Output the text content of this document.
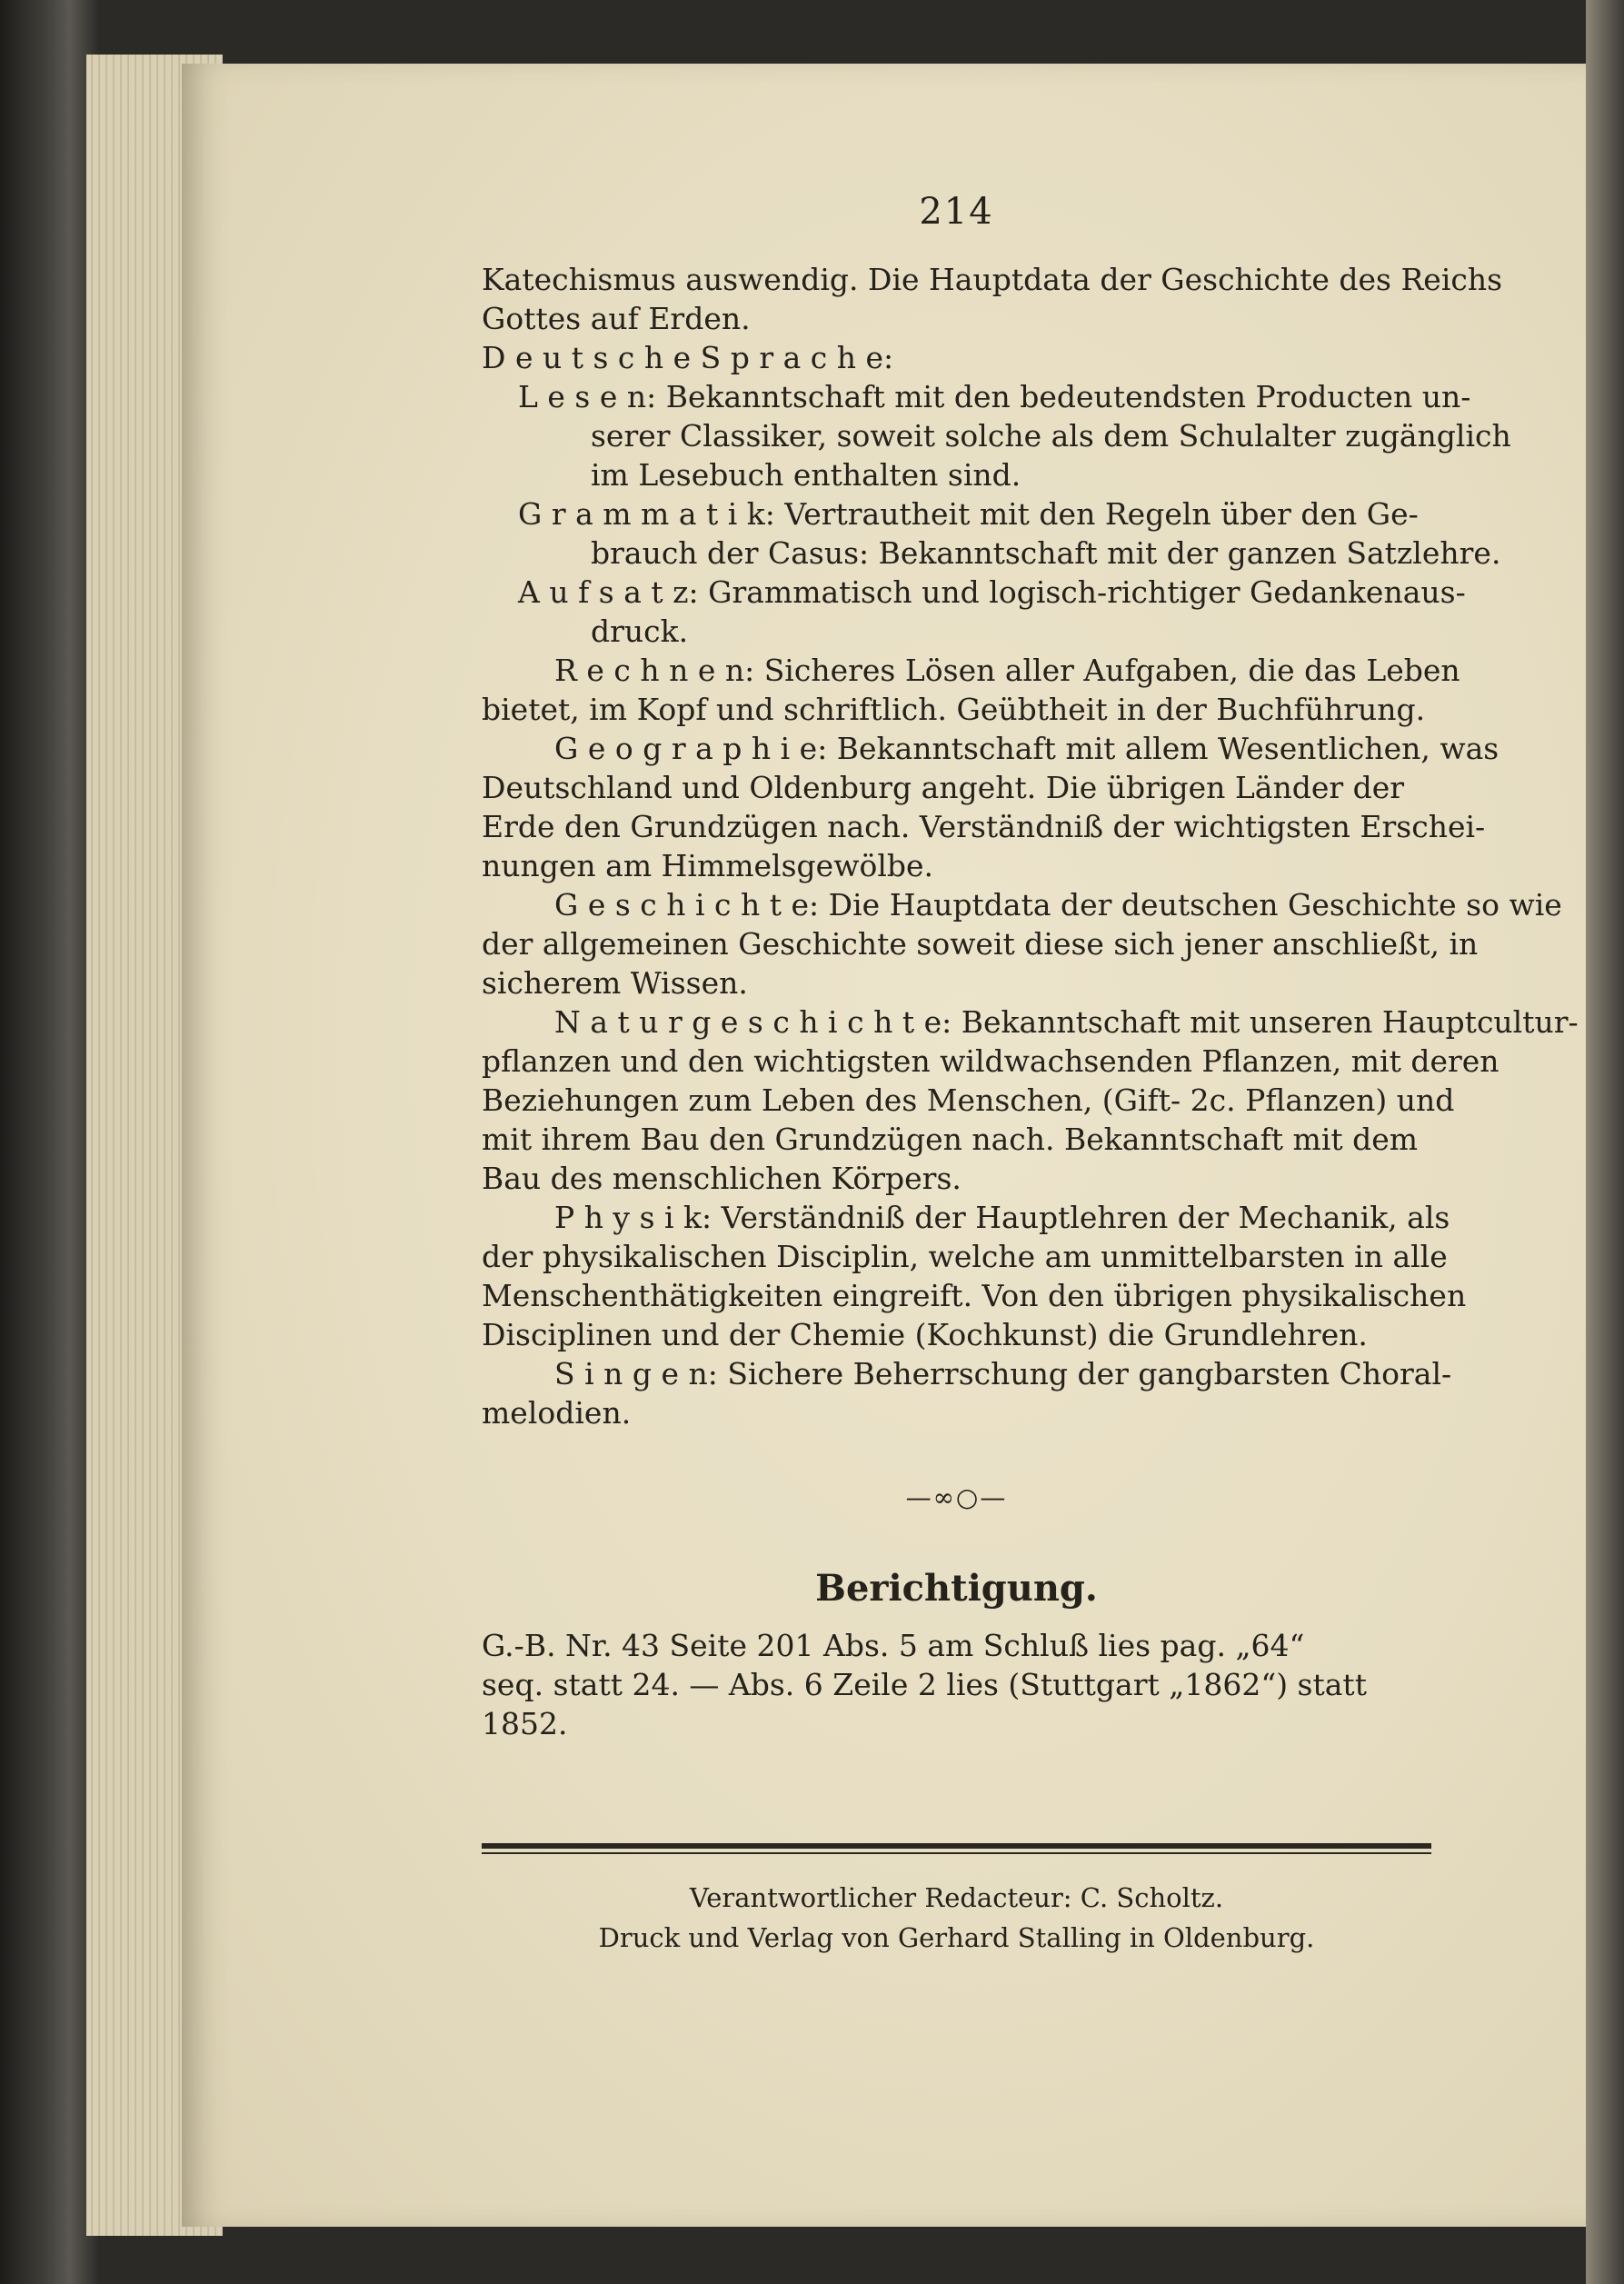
214
Katechismus auswendig. Die Hauptdata der Geschichte des Reichs
Gottes auf Erden.
D e u t s c h e S p r a c h e:
L e s e n: Bekanntschaft mit den bedeutendsten Producten un-
serer Classiker, soweit solche als dem Schulalter zugänglich
im Lesebuch enthalten sind.
G r a m m a t i k: Vertrautheit mit den Regeln über den Ge-
brauch der Casus: Bekanntschaft mit der ganzen Satzlehre.
A u f s a t z: Grammatisch und logisch-richtiger Gedankenaus-
druck.
R e c h n e n: Sicheres Lösen aller Aufgaben, die das Leben
bietet, im Kopf und schriftlich. Geübtheit in der Buchführung.
G e o g r a p h i e: Bekanntschaft mit allem Wesentlichen, was
Deutschland und Oldenburg angeht. Die übrigen Länder der
Erde den Grundzügen nach. Verständniß der wichtigsten Erschei-
nungen am Himmelsgewölbe.
G e s c h i c h t e: Die Hauptdata der deutschen Geschichte so wie
der allgemeinen Geschichte soweit diese sich jener anschließt, in
sicherem Wissen.
N a t u r g e s c h i c h t e: Bekanntschaft mit unseren Hauptcultur-
pflanzen und den wichtigsten wildwachsenden Pflanzen, mit deren
Beziehungen zum Leben des Menschen, (Gift- 2c. Pflanzen) und
mit ihrem Bau den Grundzügen nach. Bekanntschaft mit dem
Bau des menschlichen Körpers.
P h y s i k: Verständniß der Hauptlehren der Mechanik, als
der physikalischen Disciplin, welche am unmittelbarsten in alle
Menschenthätigkeiten eingreift. Von den übrigen physikalischen
Disciplinen und der Chemie (Kochkunst) die Grundlehren.
S i n g e n: Sichere Beherrschung der gangbarsten Choral-
melodien.
—∞○—
Berichtigung.
G.-B. Nr. 43 Seite 201 Abs. 5 am Schluß lies pag. „64“
seq. statt 24. — Abs. 6 Zeile 2 lies (Stuttgart „1862“) statt
1852.
Verantwortlicher Redacteur: C. Scholtz.
Druck und Verlag von Gerhard Stalling in Oldenburg.
